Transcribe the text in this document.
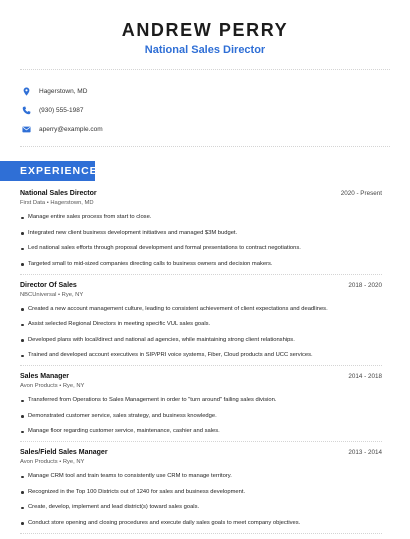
ANDREW PERRY
National Sales Director
Hagerstown, MD
(930) 555-1987
aperry@example.com
EXPERIENCE
National Sales Director	2020 - Present
First Data • Hagerstown, MD
Manage entire sales process from start to close.
Integrated new client business development initiatives and managed $3M budget.
Led national sales efforts through proposal development and formal presentations to contract negotiations.
Targeted small to mid-sized companies directing calls to business owners and decision makers.
Director Of Sales	2018 - 2020
NBCUniversal • Rye, NY
Created a new account management culture, leading to consistent achievement of client expectations and deadlines.
Assist selected Regional Directors in meeting specific VUL sales goals.
Developed plans with local/direct and national ad agencies, while maintaining strong client relationships.
Trained and developed account executives in SIP/PRI voice systems, Fiber, Cloud products and UCC services.
Sales Manager	2014 - 2018
Avon Products • Rye, NY
Transferred from Operations to Sales Management in order to "turn around" failing sales division.
Demonstrated customer service, sales strategy, and business knowledge.
Manage floor regarding customer service, maintenance, cashier and sales.
Sales/Field Sales Manager	2013 - 2014
Avon Products • Rye, NY
Manage CRM tool and train teams to consistently use CRM to manage territory.
Recognized in the Top 100 Districts out of 1240 for sales and business development.
Create, develop, implement and lead district(s) toward sales goals.
Conduct store opening and closing procedures and execute daily sales goals to meet company objectives.
